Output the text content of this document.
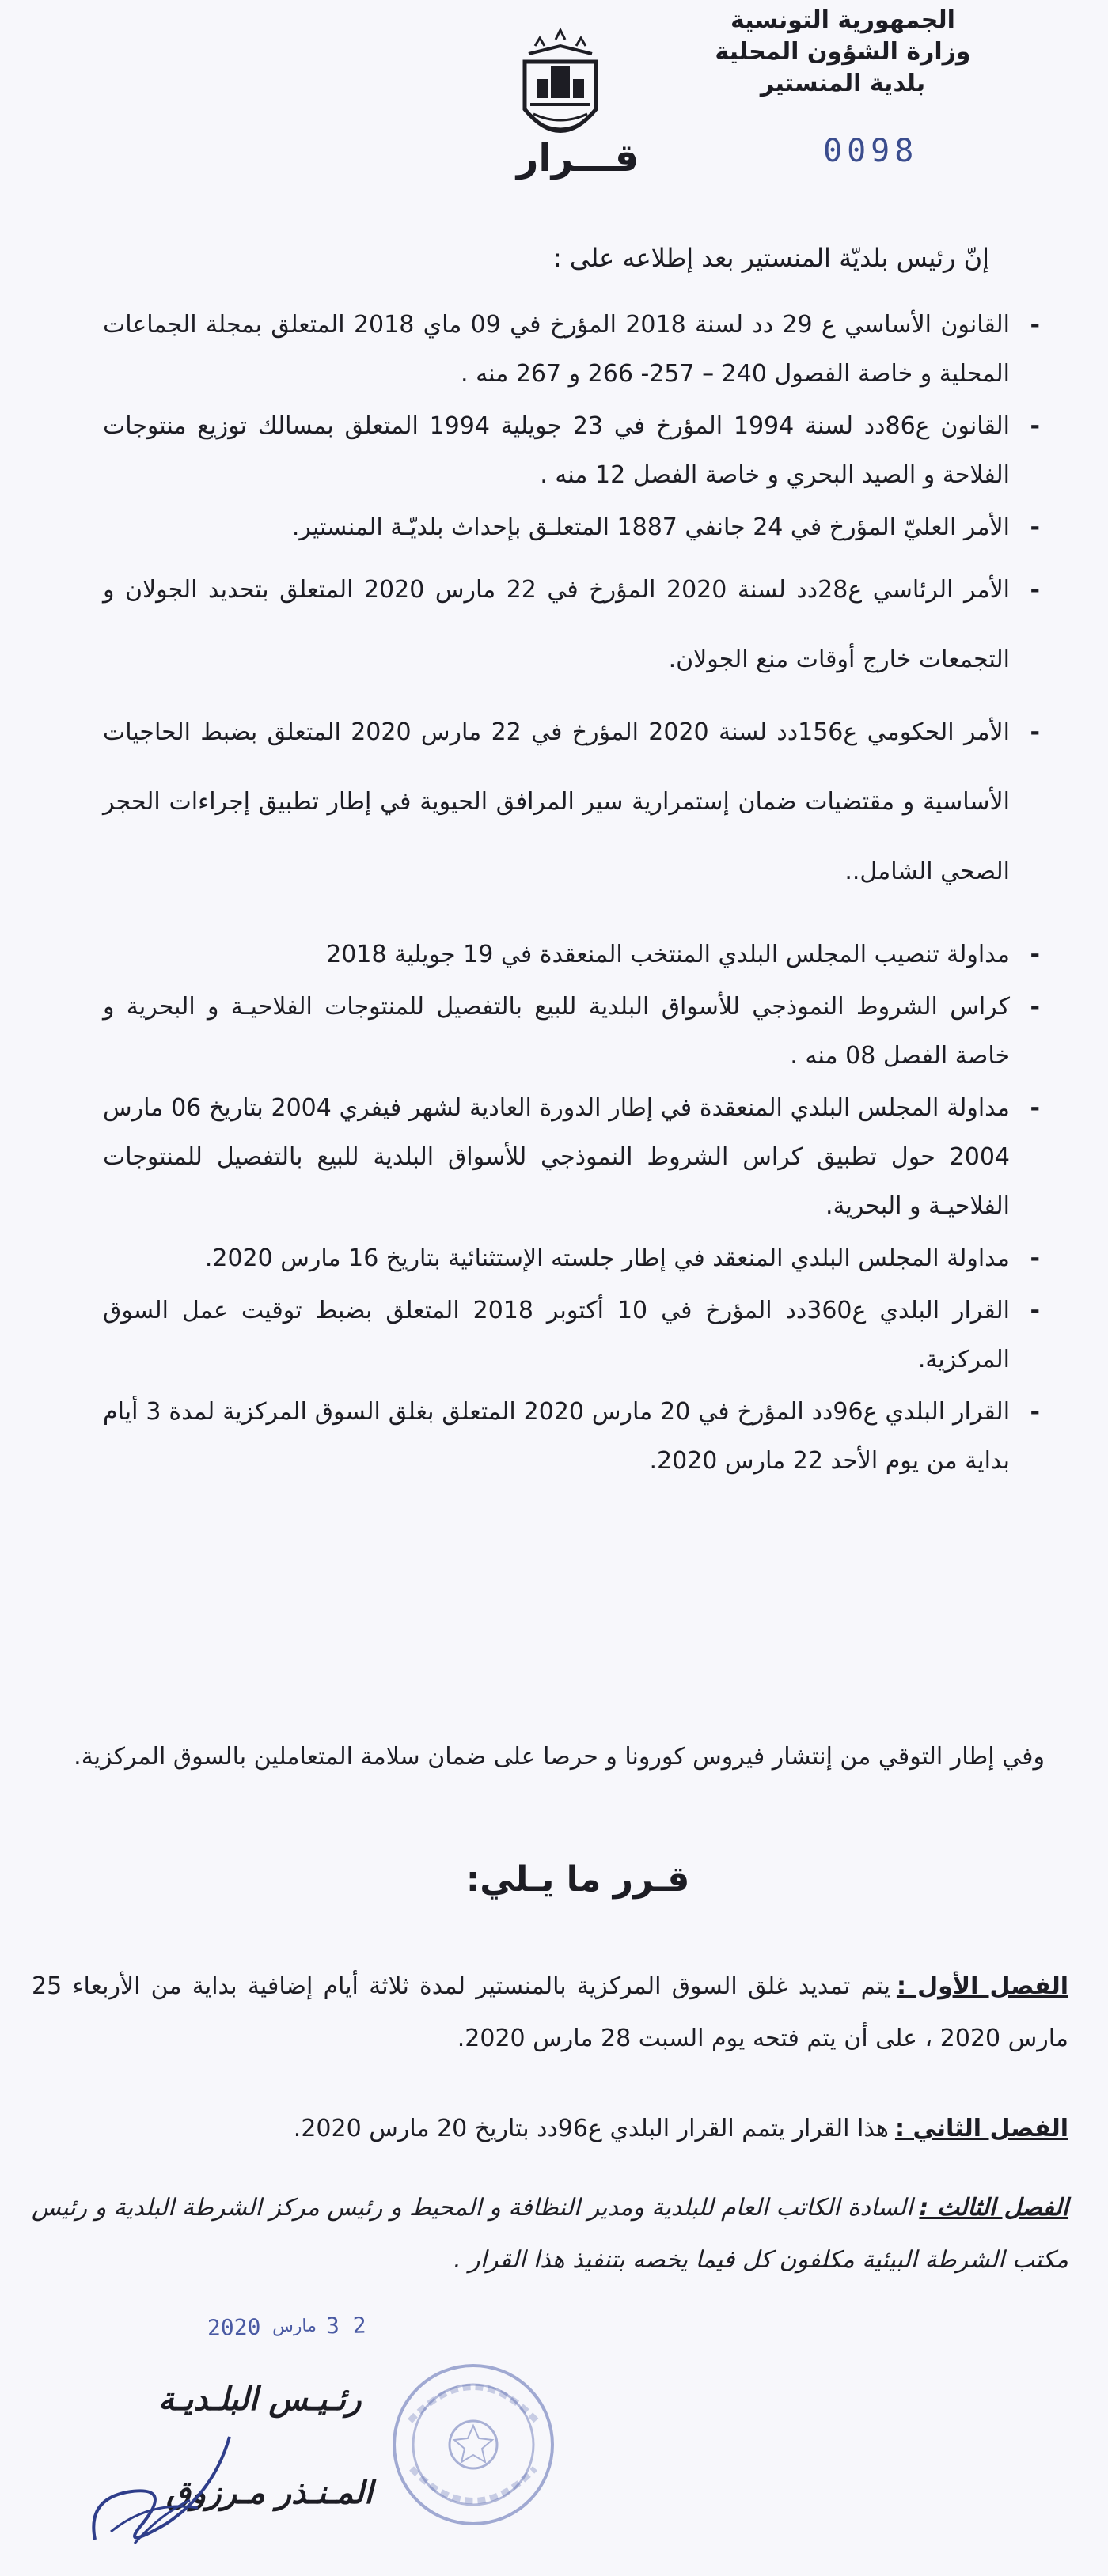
الجمهورية التونسية
وزارة الشؤون المحلية
بلدية المنستير
قـــرار	0098
إنّ رئيس بلديّة المنستير بعد إطلاعه على :
- القانون الأساسي ع 29 دد لسنة 2018 المؤرخ في 09 ماي 2018 المتعلق بمجلة الجماعات المحلية و خاصة الفصول 240 – 257- 266 و 267 منه .
- القانون ع86دد لسنة 1994 المؤرخ في 23 جويلية 1994 المتعلق بمسالك توزيع منتوجات الفلاحة و الصيد البحري و خاصة الفصل 12 منه .
- الأمر العليّ المؤرخ في 24 جانفي 1887 المتعلـق بإحداث بلديّـة المنستير.
- الأمر الرئاسي ع28دد لسنة 2020 المؤرخ في 22 مارس 2020 المتعلق بتحديد الجولان و التجمعات خارج أوقات منع الجولان.
- الأمر الحكومي ع156دد لسنة 2020 المؤرخ في 22 مارس 2020 المتعلق بضبط الحاجيات الأساسية و مقتضيات ضمان إستمرارية سير المرافق الحيوية في إطار تطبيق إجراءات الحجر الصحي الشامل..
- مداولة تنصيب المجلس البلدي المنتخب المنعقدة في 19 جويلية 2018
- كراس الشروط النموذجي للأسواق البلدية للبيع بالتفصيل للمنتوجات الفلاحيـة و البحرية و خاصة الفصل 08 منه .
- مداولة المجلس البلدي المنعقدة في إطار الدورة العادية لشهر فيفري 2004 بتاريخ 06 مارس 2004 حول تطبيق كراس الشروط النموذجي للأسواق البلدية للبيع بالتفصيل للمنتوجات الفلاحيـة و البحرية.
- مداولة المجلس البلدي المنعقد في إطار جلسته الإستثنائية بتاريخ 16 مارس 2020.
- القرار البلدي ع360دد المؤرخ في 10 أكتوبر 2018 المتعلق بضبط توقيت عمل السوق المركزية.
- القرار البلدي ع96دد المؤرخ في 20 مارس 2020 المتعلق بغلق السوق المركزية لمدة 3 أيام بداية من يوم الأحد 22 مارس 2020.
وفي إطار التوقي من إنتشار فيروس كورونا و حرصا على ضمان سلامة المتعاملين بالسوق المركزية.
قـرر ما يـلي:
الفصل الأول :يتم تمديد غلق السوق المركزية بالمنستير لمدة ثلاثة أيام إضافية بداية من الأربعاء 25 مارس 2020 ، على أن يتم فتحه يوم السبت 28 مارس 2020.
الفصل الثاني :هذا القرار يتمم القرار البلدي ع96دد بتاريخ 20 مارس 2020.
الفصل الثالث :السادة الكاتب العام للبلدية ومدير النظافة و المحيط و رئيس مركز الشرطة البلدية و رئيس مكتب الشرطة البيئية مكلفون كل فيما يخصه بتنفيذ هذا القرار .
2020 مارس 2 3
رئـيـس البلـديـة
المـنـذر مـرزوق
